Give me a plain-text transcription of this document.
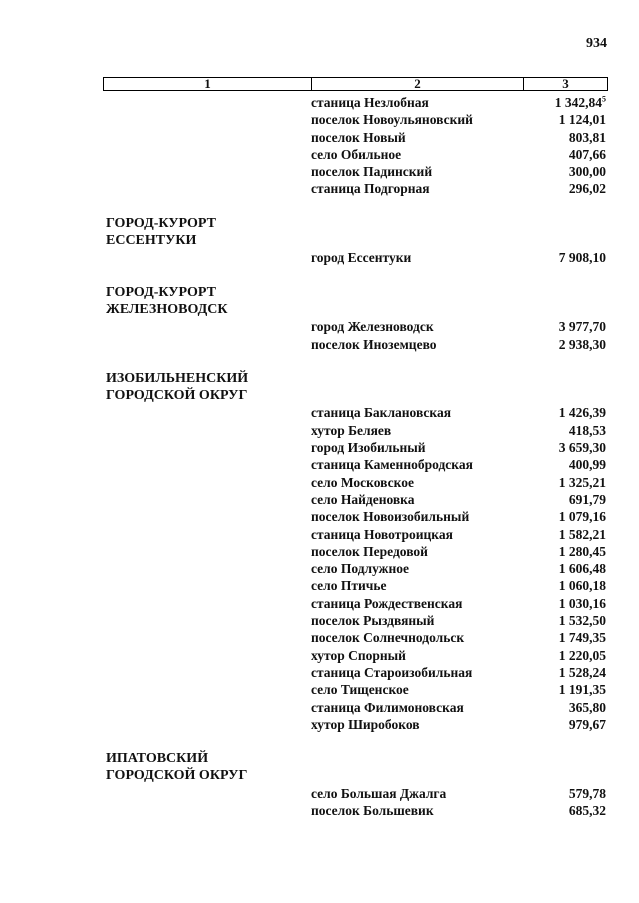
934
1	2	3
станица Незлобная	1 342,84$^5$
поселок Новоульяновский	1 124,01
поселок Новый	803,81
село Обильное	407,66
поселок Падинский	300,00
станица Подгорная	296,02
ГОРОД-КУРОРТ
ЕССЕНТУКИ
город Ессентуки	7 908,10
ГОРОД-КУРОРТ
ЖЕЛЕЗНОВОДСК
город Железноводск	3 977,70
поселок Иноземцево	2 938,30
ИЗОБИЛЬНЕНСКИЙ
ГОРОДСКОЙ ОКРУГ
станица Баклановская	1 426,39
хутор Беляев	418,53
город Изобильный	3 659,30
станица Каменнобродская	400,99
село Московское	1 325,21
село Найденовка	691,79
поселок Новоизобильный	1 079,16
станица Новотроицкая	1 582,21
поселок Передовой	1 280,45
село Подлужное	1 606,48
село Птичье	1 060,18
станица Рождественская	1 030,16
поселок Рыздвяный	1 532,50
поселок Солнечнодольск	1 749,35
хутор Спорный	1 220,05
станица Староизобильная	1 528,24
село Тищенское	1 191,35
станица Филимоновская	365,80
хутор Широбоков	979,67
ИПАТОВСКИЙ
ГОРОДСКОЙ ОКРУГ
село Большая Джалга	579,78
поселок Большевик	685,32
